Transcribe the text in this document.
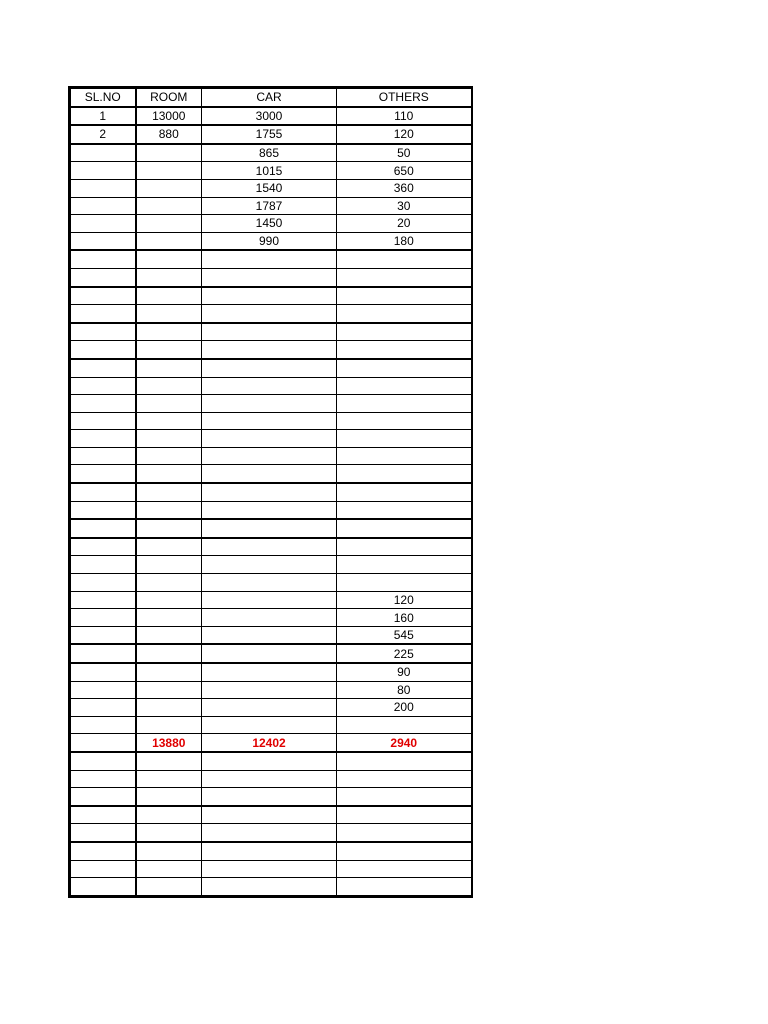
SL.NO	ROOM	CAR	OTHERS
1	13000	3000	110
2	880	1755	120
		865	50
		1015	650
		1540	360
		1787	30
		1450	20
		990	180

			120
			160
			545
			225
			90
			80
			200

	13880	12402	2940
